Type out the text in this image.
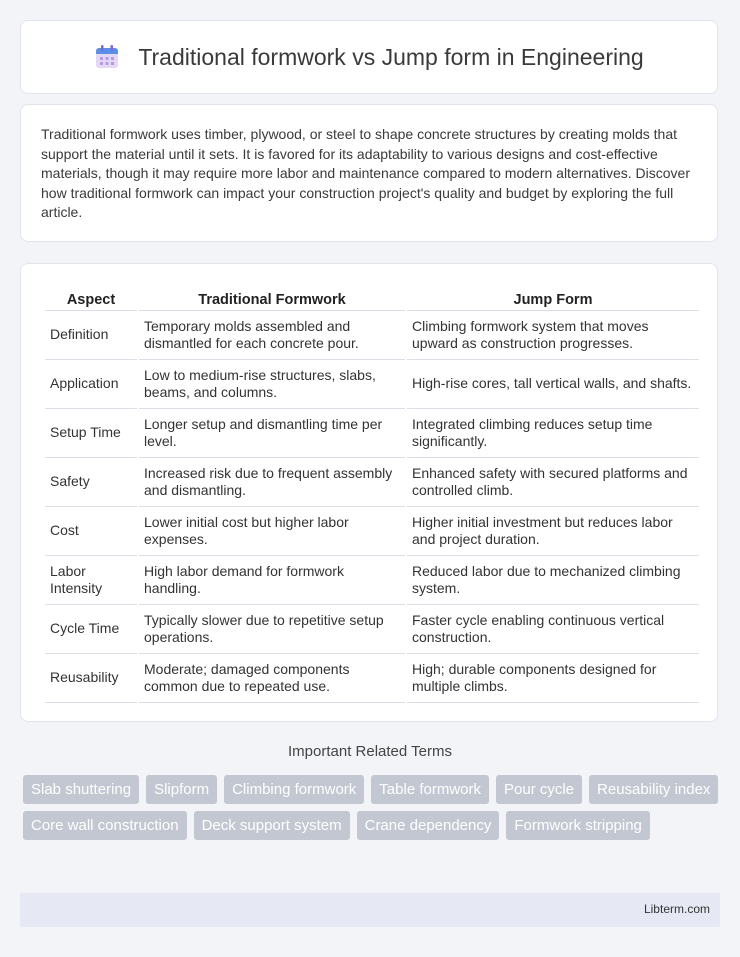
Traditional formwork vs Jump form in Engineering

Traditional formwork uses timber, plywood, or steel to shape concrete structures by creating molds that support the material until it sets. It is favored for its adaptability to various designs and cost-effective materials, though it may require more labor and maintenance compared to modern alternatives. Discover how traditional formwork can impact your construction project's quality and budget by exploring the full article.

Aspect	Traditional Formwork	Jump Form
Definition	Temporary molds assembled and dismantled for each concrete pour.	Climbing formwork system that moves upward as construction progresses.
Application	Low to medium-rise structures, slabs, beams, and columns.	High-rise cores, tall vertical walls, and shafts.
Setup Time	Longer setup and dismantling time per level.	Integrated climbing reduces setup time significantly.
Safety	Increased risk due to frequent assembly and dismantling.	Enhanced safety with secured platforms and controlled climb.
Cost	Lower initial cost but higher labor expenses.	Higher initial investment but reduces labor and project duration.
Labor Intensity	High labor demand for formwork handling.	Reduced labor due to mechanized climbing system.
Cycle Time	Typically slower due to repetitive setup operations.	Faster cycle enabling continuous vertical construction.
Reusability	Moderate; damaged components common due to repeated use.	High; durable components designed for multiple climbs.
Important Related Terms
Slab shuttering	Slipform	Climbing formwork	Table formwork	Pour cycle	Reusability index
Core wall construction	Deck support system	Crane dependency	Formwork stripping
Libterm.com
